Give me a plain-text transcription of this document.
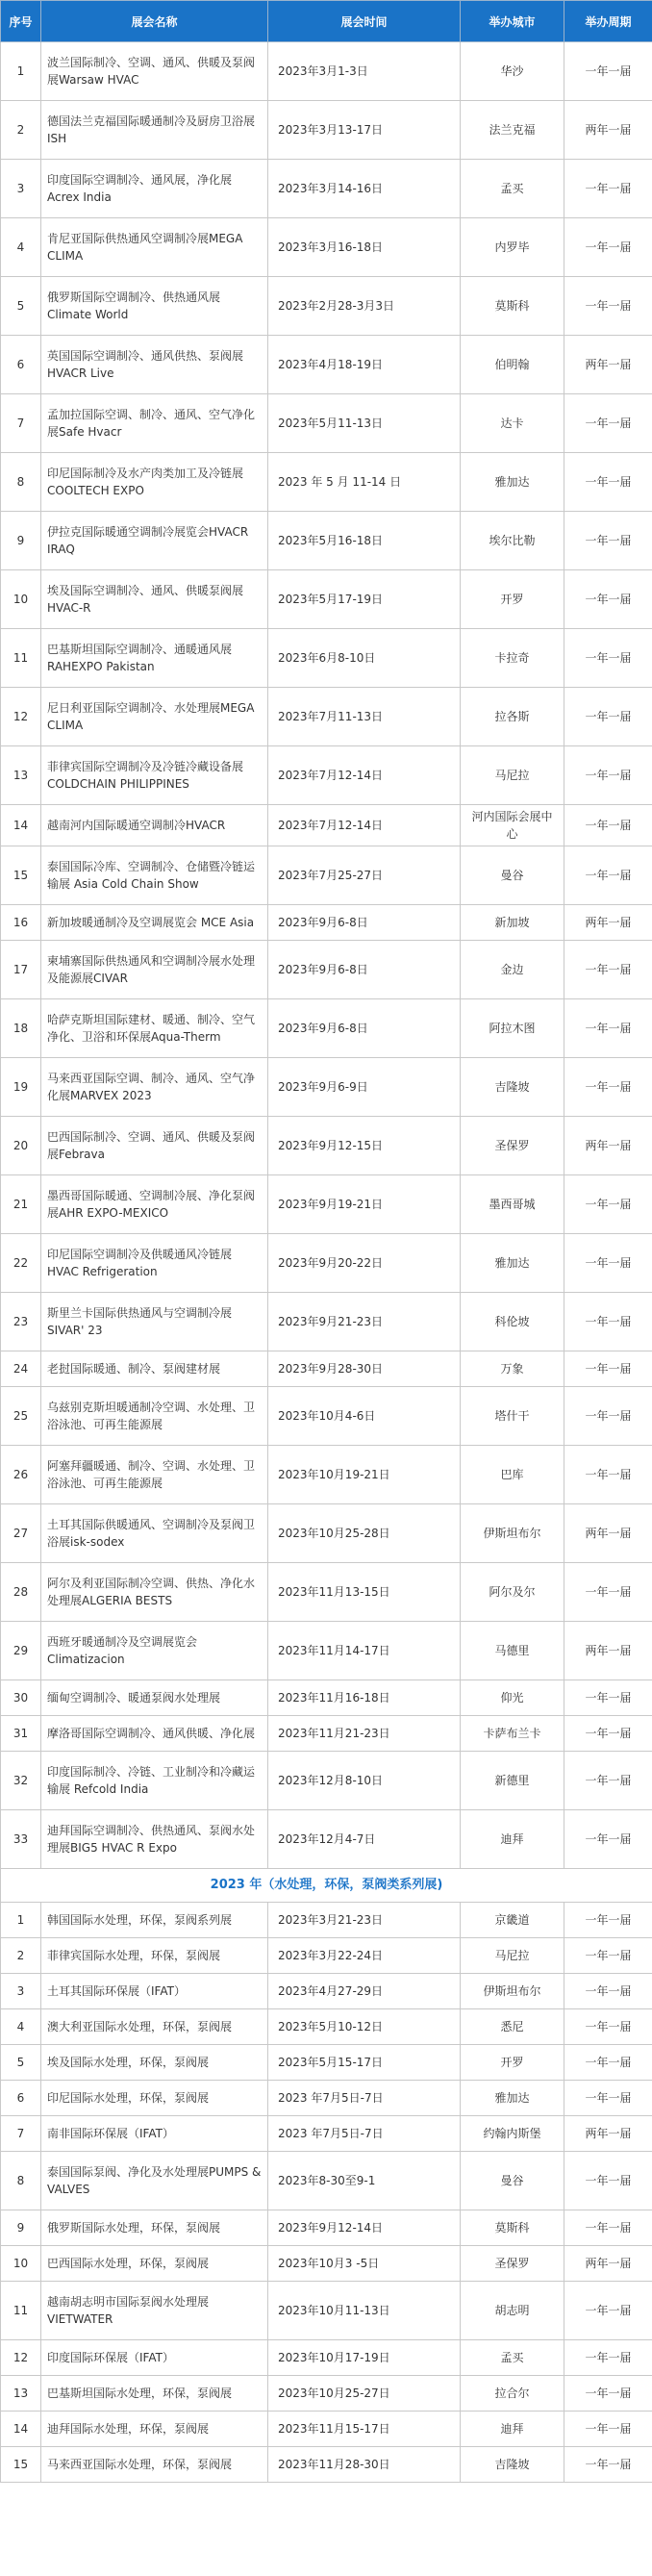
序号	展会名称	展会时间	举办城市	举办周期
1	波兰国际制冷、空调、通风、供暖及泵阀展Warsaw HVAC	2023年3月1-3日	华沙	一年一届
2	德国法兰克福国际暖通制冷及厨房卫浴展ISH	2023年3月13-17日	法兰克福	两年一届
3	印度国际空调制冷、通风展，净化展Acrex India	2023年3月14-16日	孟买	一年一届
4	肯尼亚国际供热通风空调制冷展MEGA CLIMA	2023年3月16-18日	内罗毕	一年一届
5	俄罗斯国际空调制冷、供热通风展Climate World	2023年2月28-3月3日	莫斯科	一年一届
6	英国国际空调制冷、通风供热、泵阀展HVACR Live	2023年4月18-19日	伯明翰	两年一届
7	孟加拉国际空调、制冷、通风、空气净化展Safe Hvacr	2023年5月11-13日	达卡	一年一届
8	印尼国际制冷及水产肉类加工及冷链展COOLTECH EXPO	2023 年 5 月 11-14 日	雅加达	一年一届
9	伊拉克国际暖通空调制冷展览会HVACR IRAQ	2023年5月16-18日	埃尔比勒	一年一届
10	埃及国际空调制冷、通风、供暖泵阀展HVAC-R	2023年5月17-19日	开罗	一年一届
11	巴基斯坦国际空调制冷、通暖通风展RAHEXPO Pakistan	2023年6月8-10日	卡拉奇	一年一届
12	尼日利亚国际空调制冷、水处理展MEGA CLIMA	2023年7月11-13日	拉各斯	一年一届
13	菲律宾国际空调制冷及冷链冷藏设备展COLDCHAIN PHILIPPINES	2023年7月12-14日	马尼拉	一年一届
14	越南河内国际暖通空调制冷HVACR	2023年7月12-14日	河内国际会展中心	一年一届
15	泰国国际冷库、空调制冷、仓储暨冷链运输展 Asia Cold Chain Show	2023年7月25-27日	曼谷	一年一届
16	新加坡暖通制冷及空调展览会 MCE Asia	2023年9月6-8日	新加坡	两年一届
17	柬埔寨国际供热通风和空调制冷展水处理及能源展CIVAR	2023年9月6-8日	金边	一年一届
18	哈萨克斯坦国际建材、暖通、制冷、空气净化、卫浴和环保展Aqua-Therm	2023年9月6-8日	阿拉木图	一年一届
19	马来西亚国际空调、制冷、通风、空气净化展MARVEX 2023	2023年9月6-9日	吉隆坡	一年一届
20	巴西国际制冷、空调、通风、供暖及泵阀展Febrava	2023年9月12-15日	圣保罗	两年一届
21	墨西哥国际暖通、空调制冷展、净化泵阀展AHR EXPO-MEXICO	2023年9月19-21日	墨西哥城	一年一届
22	印尼国际空调制冷及供暖通风冷链展HVAC Refrigeration	2023年9月20-22日	雅加达	一年一届
23	斯里兰卡国际供热通风与空调制冷展SIVAR' 23	2023年9月21-23日	科伦坡	一年一届
24	老挝国际暖通、制冷、泵阀建材展	2023年9月28-30日	万象	一年一届
25	乌兹别克斯坦暖通制冷空调、水处理、卫浴泳池、可再生能源展	2023年10月4-6日	塔什干	一年一届
26	阿塞拜疆暖通、制冷、空调、水处理、卫浴泳池、可再生能源展	2023年10月19-21日	巴库	一年一届
27	土耳其国际供暖通风、空调制冷及泵阀卫浴展isk-sodex	2023年10月25-28日	伊斯坦布尔	两年一届
28	阿尔及利亚国际制冷空调、供热、净化水处理展ALGERIA BESTS	2023年11月13-15日	阿尔及尔	一年一届
29	西班牙暖通制冷及空调展览会Climatizacion	2023年11月14-17日	马德里	两年一届
30	缅甸空调制冷、暖通泵阀水处理展	2023年11月16-18日	仰光	一年一届
31	摩洛哥国际空调制冷、通风供暖、净化展	2023年11月21-23日	卡萨布兰卡	一年一届
32	印度国际制冷、冷链、工业制冷和冷藏运输展 Refcold India	2023年12月8-10日	新德里	一年一届
33	迪拜国际空调制冷、供热通风、泵阀水处理展BIG5 HVAC R Expo	2023年12月4-7日	迪拜	一年一届
2023 年（水处理，环保，泵阀类系列展)				
1	韩国国际水处理，环保，泵阀系列展	2023年3月21-23日	京畿道	一年一届
2	菲律宾国际水处理，环保，泵阀展	2023年3月22-24日	马尼拉	一年一届
3	土耳其国际环保展（IFAT）	2023年4月27-29日	伊斯坦布尔	一年一届
4	澳大利亚国际水处理，环保，泵阀展	2023年5月10-12日	悉尼	一年一届
5	埃及国际水处理，环保，泵阀展	2023年5月15-17日	开罗	一年一届
6	印尼国际水处理，环保，泵阀展	2023 年7月5日-7日	雅加达	一年一届
7	南非国际环保展（IFAT）	2023 年7月5日-7日	约翰内斯堡	两年一届
8	泰国国际泵阀、净化及水处理展PUMPS & VALVES	2023年8-30至9-1	曼谷	一年一届
9	俄罗斯国际水处理，环保，泵阀展	2023年9月12-14日	莫斯科	一年一届
10	巴西国际水处理，环保，泵阀展	2023年10月3 -5日	圣保罗	两年一届
11	越南胡志明市国际泵阀水处理展VIETWATER	2023年10月11-13日	胡志明	一年一届
12	印度国际环保展（IFAT）	2023年10月17-19日	孟买	一年一届
13	巴基斯坦国际水处理，环保，泵阀展	2023年10月25-27日	拉合尔	一年一届
14	迪拜国际水处理，环保，泵阀展	2023年11月15-17日	迪拜	一年一届
15	马来西亚国际水处理，环保，泵阀展	2023年11月28-30日	吉隆坡	一年一届
